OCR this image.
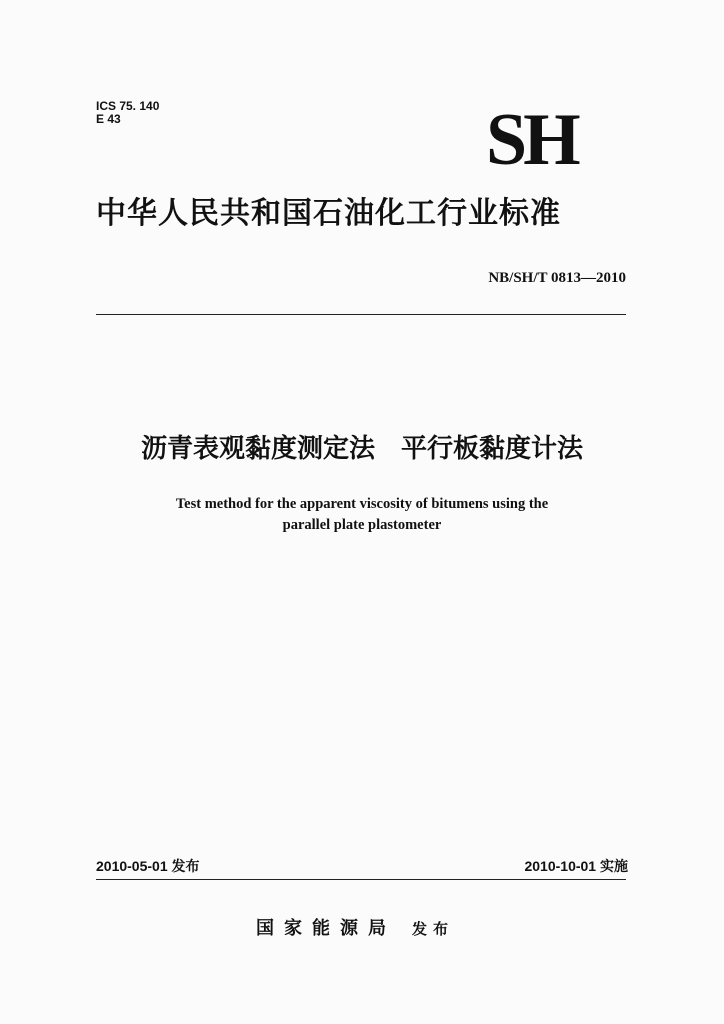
ICS 75. 140
E 43	SH
中华人民共和国石油化工行业标准
NB/SH/T 0813—2010
沥青表观黏度测定法　平行板黏度计法
Test method for the apparent viscosity of bitumens using the
parallel plate plastometer
2010-05-01 发布	2010-10-01 实施
国家能源局 发布
